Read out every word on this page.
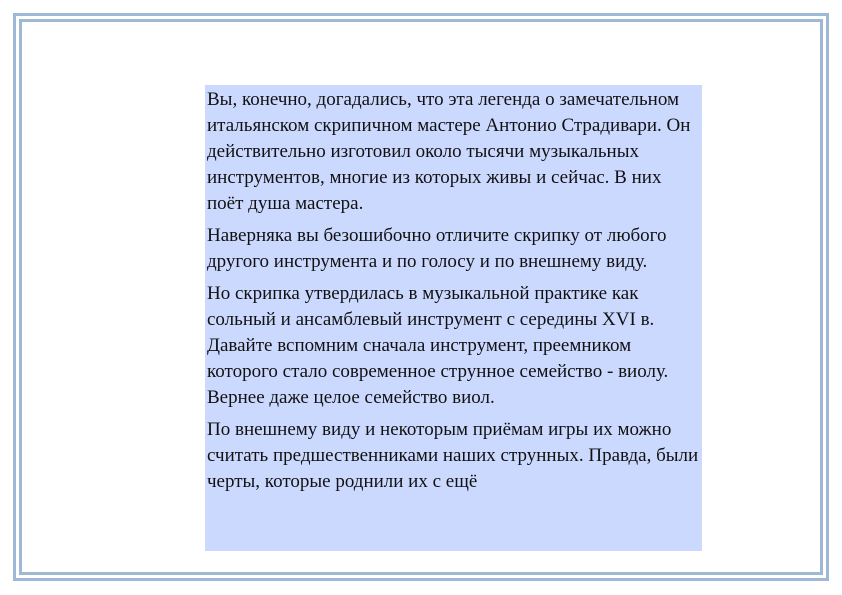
Вы, конечно, догадались, что эта легенда о замечательном итальянском скрипичном мастере Антонио Страдивари. Он действительно изготовил около тысячи музыкальных инструментов, многие из которых живы и сейчас. В них поёт душа мастера.

Наверняка вы безошибочно отличите скрипку от любого другого инструмента и по голосу и по внешнему виду.

Но скрипка утвердилась в музыкальной практике как сольный и ансамблевый инструмент с середины XVI в. Давайте вспомним сначала инструмент, преемником которого стало современное струнное семейство - виолу. Вернее даже целое семейство виол.

По внешнему виду и некоторым приёмам игры их можно считать предшественниками наших струнных. Правда, были черты, которые роднили их с ещё
